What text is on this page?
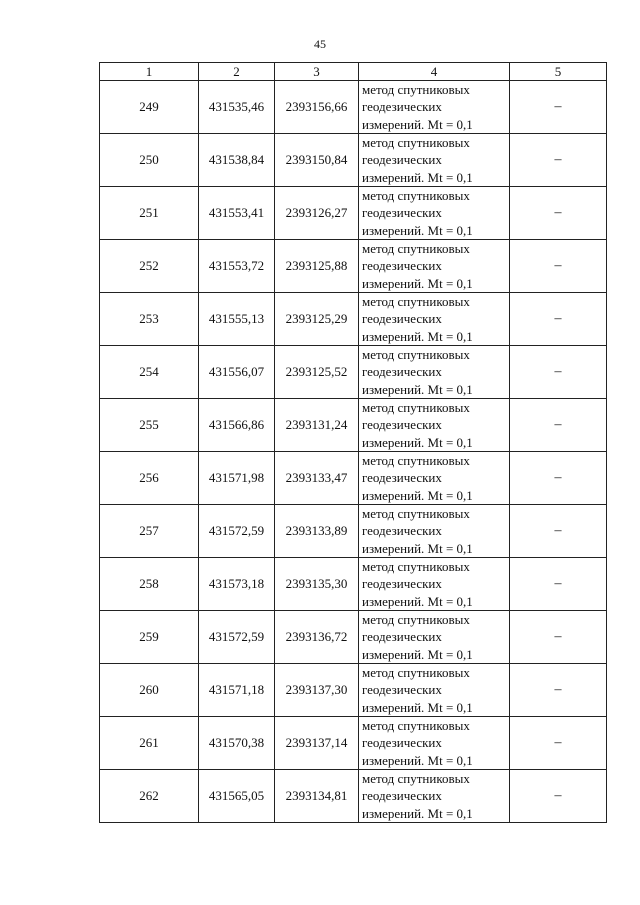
45
1	2	3	4	5
249	431535,46	2393156,66	метод спутниковых
геодезических
измерений. Mt = 0,1	–
250	431538,84	2393150,84	метод спутниковых
геодезических
измерений. Mt = 0,1	–
251	431553,41	2393126,27	метод спутниковых
геодезических
измерений. Mt = 0,1	–
252	431553,72	2393125,88	метод спутниковых
геодезических
измерений. Mt = 0,1	–
253	431555,13	2393125,29	метод спутниковых
геодезических
измерений. Mt = 0,1	–
254	431556,07	2393125,52	метод спутниковых
геодезических
измерений. Mt = 0,1	–
255	431566,86	2393131,24	метод спутниковых
геодезических
измерений. Mt = 0,1	–
256	431571,98	2393133,47	метод спутниковых
геодезических
измерений. Mt = 0,1	–
257	431572,59	2393133,89	метод спутниковых
геодезических
измерений. Mt = 0,1	–
258	431573,18	2393135,30	метод спутниковых
геодезических
измерений. Mt = 0,1	–
259	431572,59	2393136,72	метод спутниковых
геодезических
измерений. Mt = 0,1	–
260	431571,18	2393137,30	метод спутниковых
геодезических
измерений. Mt = 0,1	–
261	431570,38	2393137,14	метод спутниковых
геодезических
измерений. Mt = 0,1	–
262	431565,05	2393134,81	метод спутниковых
геодезических
измерений. Mt = 0,1	–
